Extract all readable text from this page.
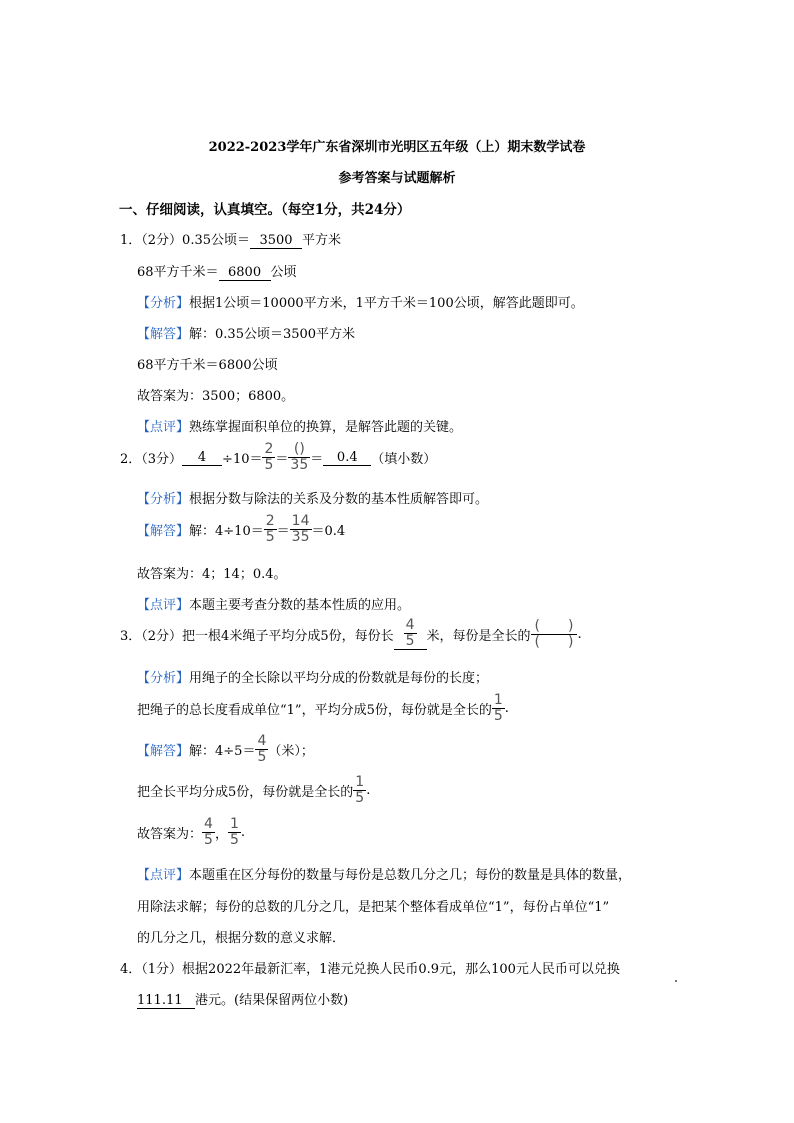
2022-2023学年广东省深圳市光明区五年级（上）期末数学试卷
参考答案与试题解析
一、仔细阅读，认真填空。（每空1分，共24分）
1．（2分）0.35公顷＝ 3500 平方米
68平方千米＝ 6800 公顷
【分析】根据1公顷＝10000平方米，1平方千米＝100公顷，解答此题即可。
【解答】解：0.35公顷＝3500平方米
68平方千米＝6800公顷
故答案为：3500；6800。
【点评】熟练掌握面积单位的换算，是解答此题的关键。
2．（3分）	4	$\div 10= \frac{2}{5} = \frac{()}{35}$ ＝	0.4	（填小数）
【分析】根据分数与除法的关系及分数的基本性质解答即可。
【解答】 解：$4\div 10= \frac{2}{5} = \frac{14}{35} =0.4$
故答案为：4；14；0.4。
【点评】本题主要考查分数的基本性质的应用。
3．（2分）把一根4米绳子平均分成5份，每份长 $\frac{4}{5}$ 米，每份是全长的 $\frac{( )}{( )}$ .
【分析】用绳子的全长除以平均分成的份数就是每份的长度；
把绳子的总长度看成单位“1”，平均分成5份，每份就是全长的 $\frac{1}{5}$ .
【解答】 解：$4\div 5= \frac{4}{5}$ （米）；
把全长平均分成5份，每份就是全长的 $\frac{1}{5}$ .
故答案为： $\frac{4}{5}$ ， $\frac{1}{5}$ .
【点评】本题重在区分每份的数量与每份是总数几分之几；每份的数量是具体的数量，
用除法求解；每份的总数的几分之几，是把某个整体看成单位“1”，每份占单位“1”
的几分之几，根据分数的意义求解．
4．（1分）根据2022年最新汇率，1港元兑换人民币0.9元，那么100元人民币可以兑换
111.11 港元。(结果保留两位小数)
